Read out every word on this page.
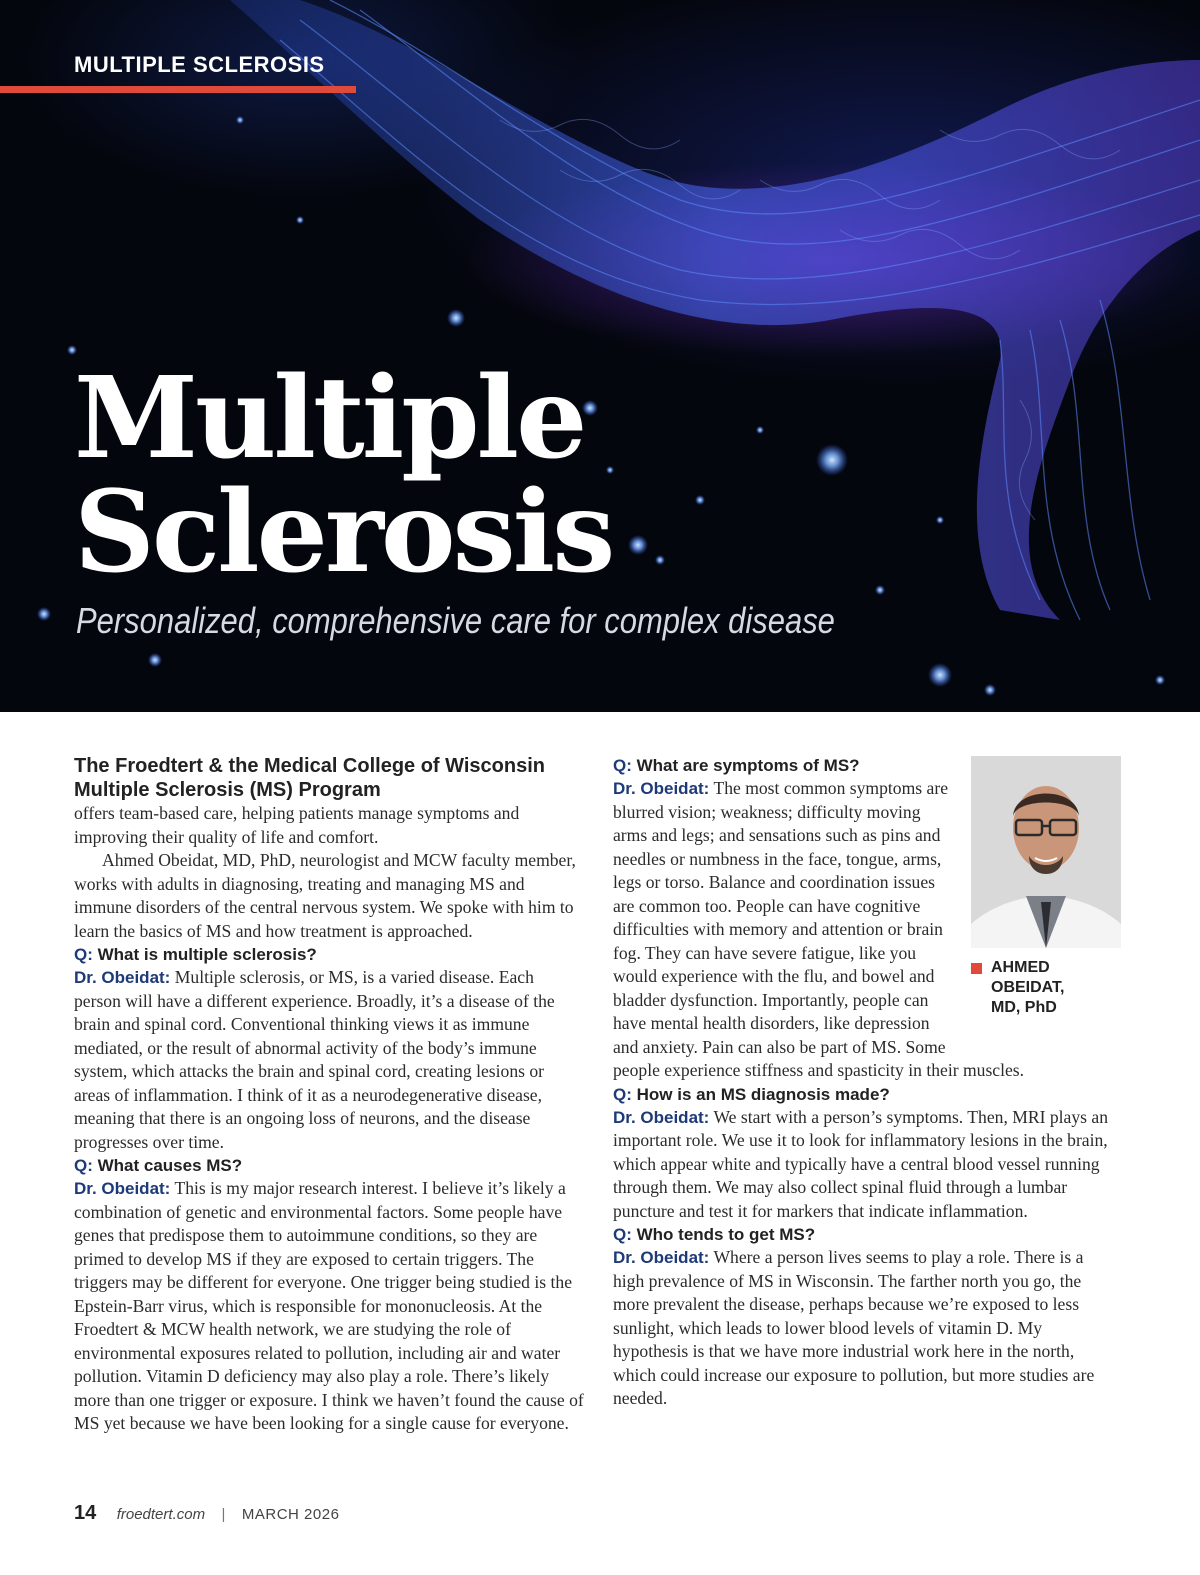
MULTIPLE SCLEROSIS

Multiple
Sclerosis

Personalized, comprehensive care for complex disease

The Froedtert & the Medical College of Wisconsin Multiple Sclerosis (MS) Program

offers team-based care, helping patients manage symptoms and improving their quality of life and comfort.

Ahmed Obeidat, MD, PhD, neurologist and MCW faculty member, works with adults in diagnosing, treating and managing MS and immune disorders of the central nervous system. We spoke with him to learn the basics of MS and how treatment is approached.

Q: What is multiple sclerosis?

Dr. Obeidat: Multiple sclerosis, or MS, is a varied disease. Each person will have a different experience. Broadly, it’s a disease of the brain and spinal cord. Conventional thinking views it as immune mediated, or the result of abnormal activity of the body’s immune system, which attacks the brain and spinal cord, creating lesions or areas of inflammation. I think of it as a neurodegenerative disease, meaning that there is an ongoing loss of neurons, and the disease progresses over time.

Q: What causes MS?

Dr. Obeidat: This is my major research interest. I believe it’s likely a combination of genetic and environmental factors. Some people have genes that predispose them to autoimmune conditions, so they are primed to develop MS if they are exposed to certain triggers. The triggers may be different for everyone. One trigger being studied is the Epstein-Barr virus, which is responsible for mononucleosis. At the Froedtert & MCW health network, we are studying the role of environmental exposures related to pollution, including air and water pollution. Vitamin D deficiency may also play a role. There’s likely more than one trigger or exposure. I think we haven’t found the cause of MS yet because we have been looking for a single cause for everyone.

AHMED OBEIDAT,
MD, PhD

Q: What are symptoms of MS?

Dr. Obeidat: The most common symptoms are blurred vision; weakness; difficulty moving arms and legs; and sensations such as pins and needles or numbness in the face, tongue, arms, legs or torso. Balance and coordination issues are common too. People can have cognitive difficulties with memory and attention or brain fog. They can have severe fatigue, like you would experience with the flu, and bowel and bladder dysfunction. Importantly, people can have mental health disorders, like depression and anxiety. Pain can also be part of MS. Some people experience stiffness and spasticity in their muscles.

Q: How is an MS diagnosis made?

Dr. Obeidat: We start with a person’s symptoms. Then, MRI plays an important role. We use it to look for inflammatory lesions in the brain, which appear white and typically have a central blood vessel running through them. We may also collect spinal fluid through a lumbar puncture and test it for markers that indicate inflammation.

Q: Who tends to get MS?

Dr. Obeidat: Where a person lives seems to play a role. There is a high prevalence of MS in Wisconsin. The farther north you go, the more prevalent the disease, perhaps because we’re exposed to less sunlight, which leads to lower blood levels of vitamin D. My hypothesis is that we have more industrial work here in the north, which could increase our exposure to pollution, but more studies are needed.

14 froedtert.com | MARCH 2026
